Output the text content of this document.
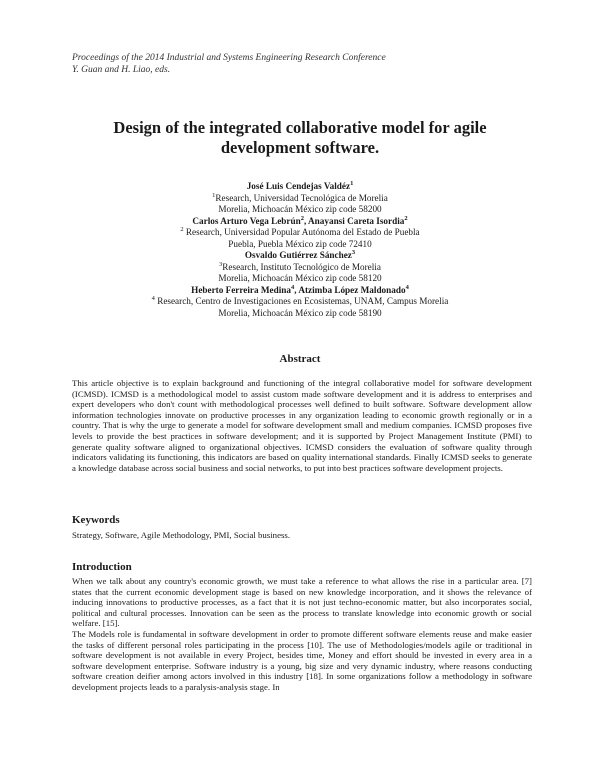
Proceedings of the 2014 Industrial and Systems Engineering Research Conference
Y. Guan and H. Liao, eds.
Design of the integrated collaborative model for agile development software.
José Luis Cendejas Valdéz$^1$
$^1$Research, Universidad Tecnológica de Morelia
Morelia, Michoacán México zip code 58200
Carlos Arturo Vega Lebrún$^2$, Anayansi Careta Isordia$^2$
$^2$ Research, Universidad Popular Autónoma del Estado de Puebla
Puebla, Puebla México zip code 72410
Osvaldo Gutiérrez Sánchez$^3$
$^3$Research, Instituto Tecnológico de Morelia
Morelia, Michoacán México zip code 58120
Heberto Ferreira Medina$^4$, Atzimba López Maldonado$^4$
$^4$ Research, Centro de Investigaciones en Ecosistemas, UNAM, Campus Morelia
Morelia, Michoacán México zip code 58190
Abstract
This article objective is to explain background and functioning of the integral collaborative model for software development (ICMSD). ICMSD is a methodological model to assist custom made software development and it is address to enterprises and expert developers who don't count with methodological processes well defined to built software. Software development allow information technologies innovate on productive processes in any organization leading to economic growth regionally or in a country. That is why the urge to generate a model for software development small and medium companies. ICMSD proposes five levels to provide the best practices in software development; and it is supported by Project Management Institute (PMI) to generate quality software aligned to organizational objectives. ICMSD considers the evaluation of software quality through indicators validating its functioning, this indicators are based on quality international standards. Finally ICMSD seeks to generate a knowledge database across social business and social networks, to put into best practices software development projects.
Keywords
Strategy, Software, Agile Methodology, PMI, Social business.
Introduction

When we talk about any country's economic growth, we must take a reference to what allows the rise in a particular area. [7] states that the current economic development stage is based on new knowledge incorporation, and it shows the relevance of inducing innovations to productive processes, as a fact that it is not just techno-economic matter, but also incorporates social, political and cultural processes. Innovation can be seen as the process to translate knowledge into economic growth or social welfare. [15].

The Models role is fundamental in software development in order to promote different software elements reuse and make easier the tasks of different personal roles participating in the process [10]. The use of Methodologies/models agile or traditional in software development is not available in every Project, besides time, Money and effort should be invested in every area in a software development enterprise. Software industry is a young, big size and very dynamic industry, where reasons conducting software creation deifier among actors involved in this industry [18]. In some organizations follow a methodology in software development projects leads to a paralysis-analysis stage. In
